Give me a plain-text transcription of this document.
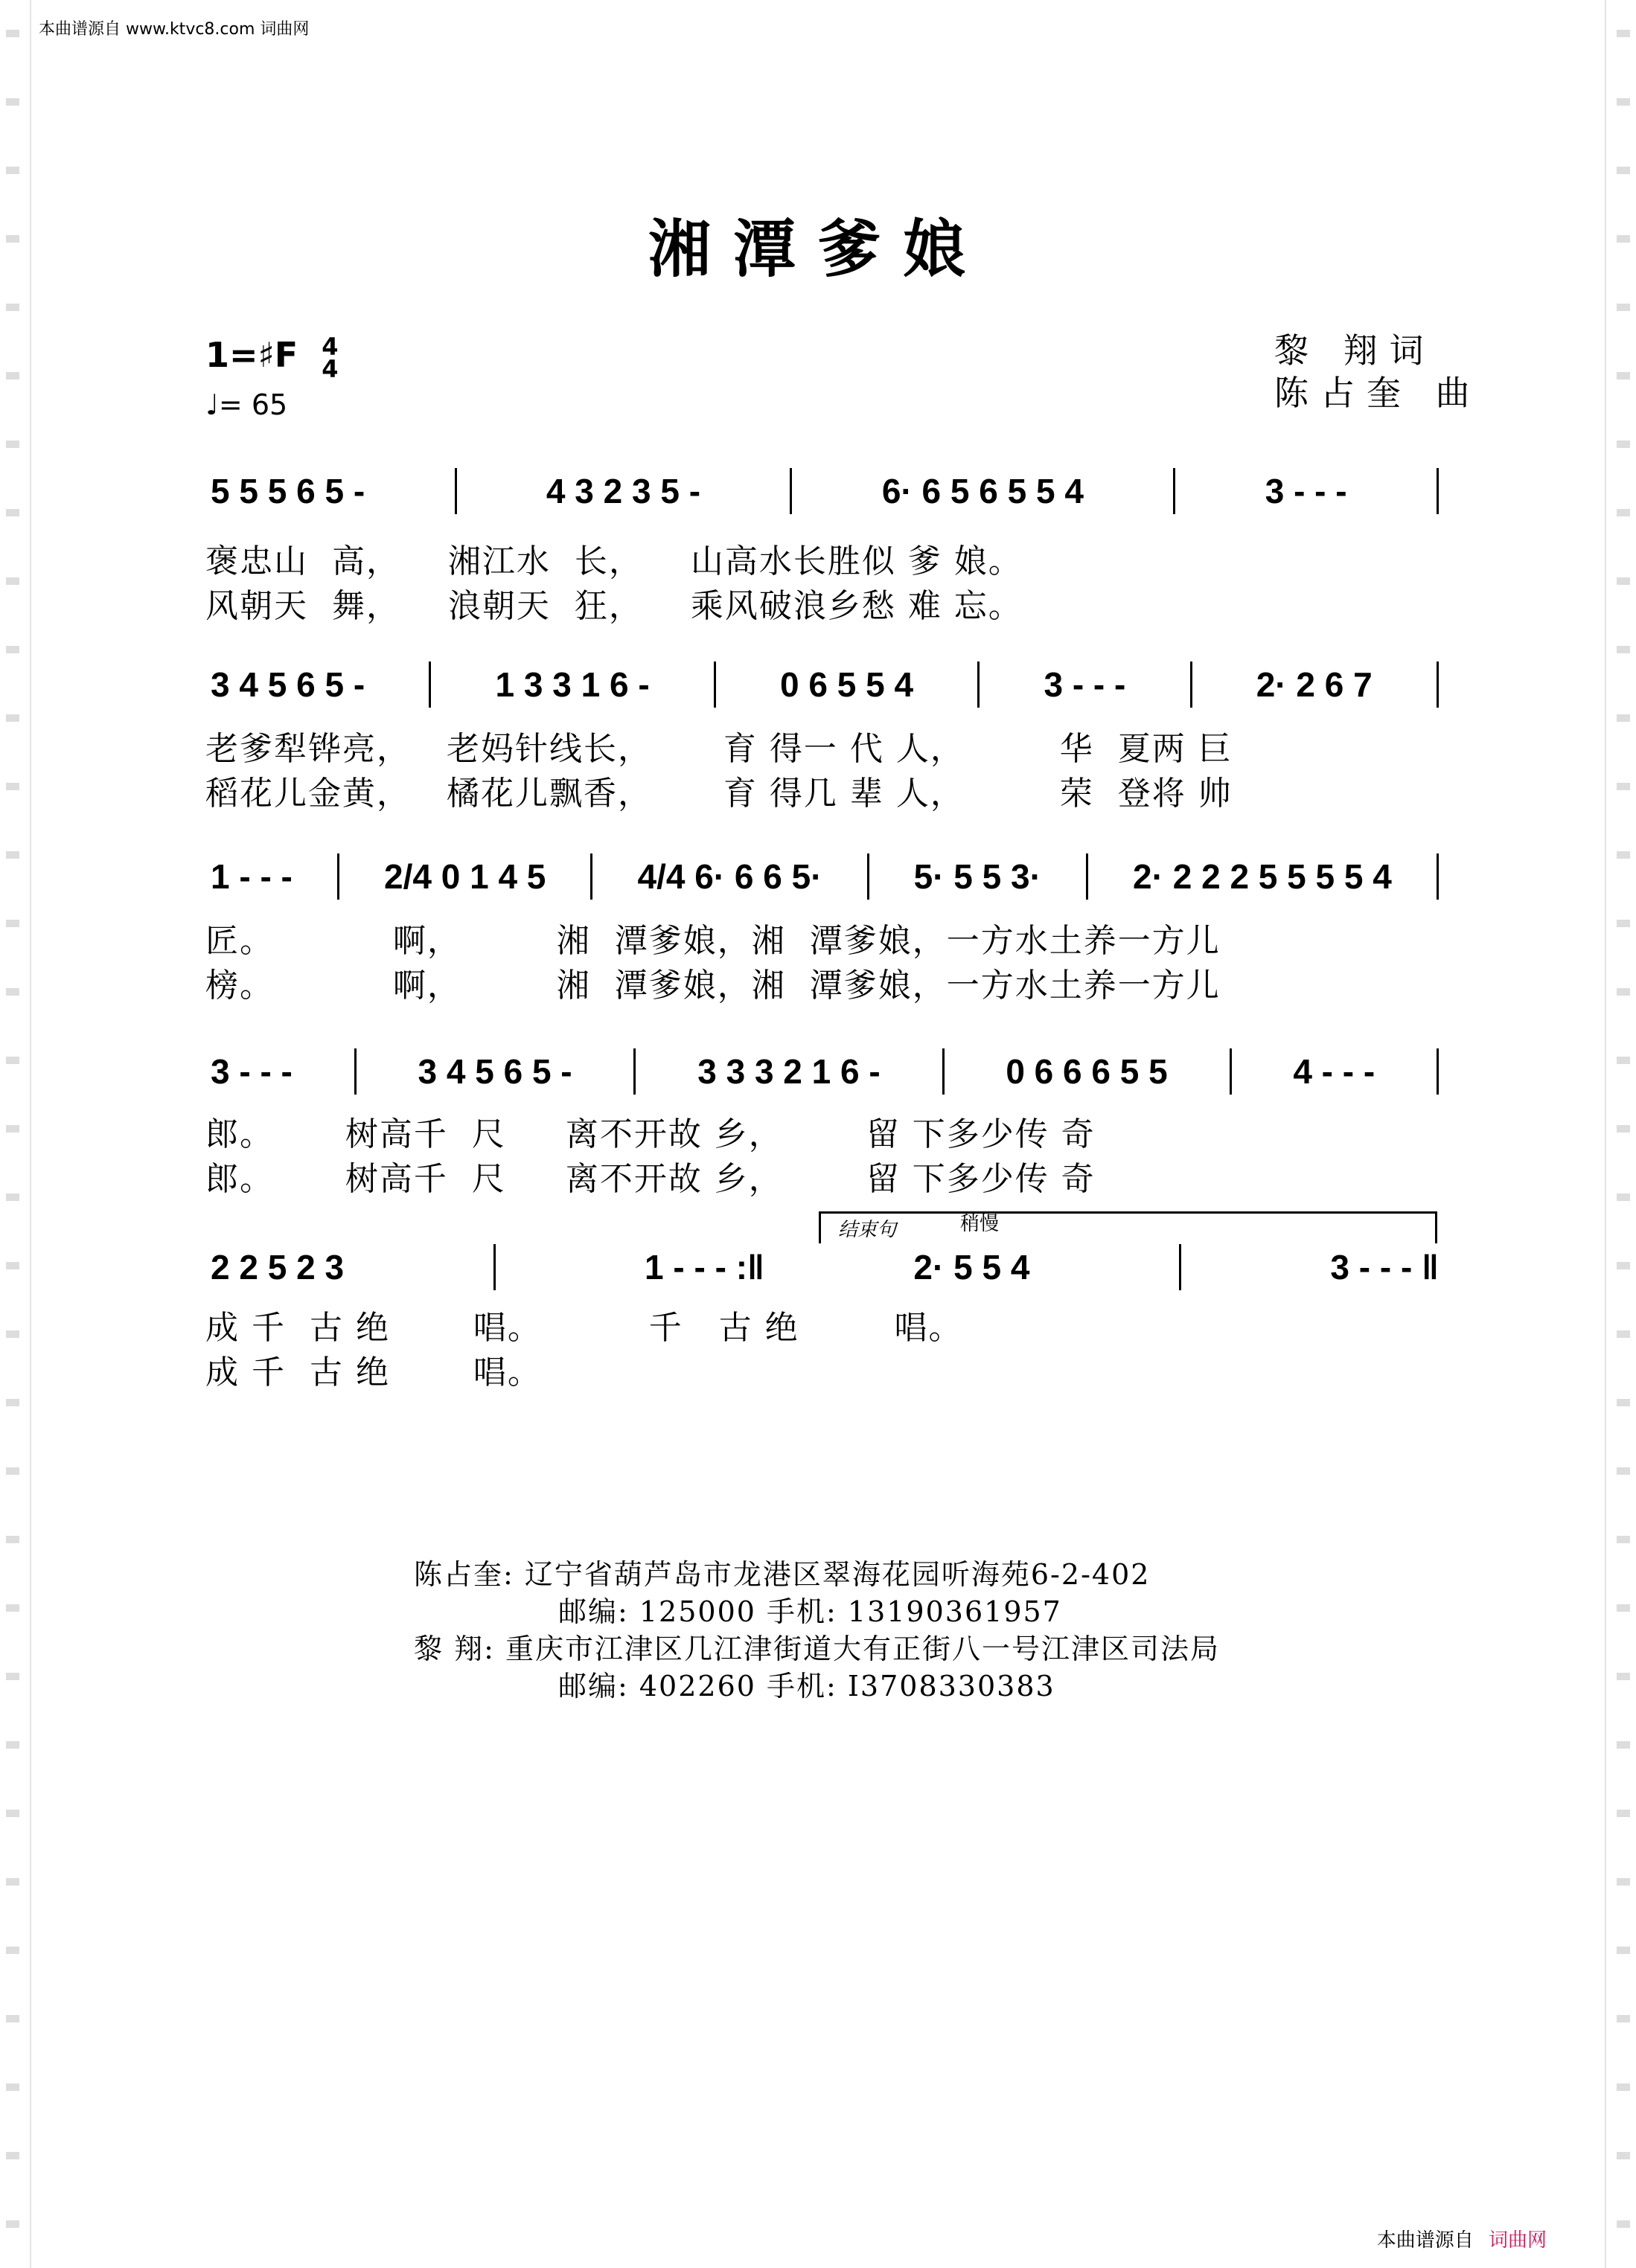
本曲谱源自 www.ktvc8.com 词曲网
湘潭爹娘
1=♯F 4
4
♩= 65
黎 翔词
陈占奎 曲
5 5 5 6 5 -	4 3 2 3 5 -	6· 6 5 6 5 5 4	3 - - -
褒忠山  高，    湘江水  长，    山高水长胜似 爹 娘。
风朝天  舞，    浪朝天  狂，    乘风破浪乡愁 难 忘。
3 4 5 6 5 -	1 3 3 1 6 -	0 6 5 5 4	3 - - -	2· 2 6 7
老爹犁铧亮，   老妈针线长，      育 得一 代 人，        华  夏两 巨
稻花儿金黄，   橘花儿飘香，      育 得几 辈 人，        荣  登将 帅
1 - - -	2/4 0 1 4 5	4/4 6· 6 6 5·	5· 5 5 3·	2· 2 2 2 5 5 5 5 4
匠。          啊，        湘  潭爹娘，湘  潭爹娘，一方水土养一方儿
榜。          啊，        湘  潭爹娘，湘  潭爹娘，一方水土养一方儿
3 - - -	3 4 5 6 5 -	3 3 3 2 1 6 -	0 6 6 6 5 5	4 - - -
郎。      树高千  尺     离不开故 乡，       留 下多少传 奇
郎。      树高千  尺     离不开故 乡，       留 下多少传 奇
结束句	稍慢
2 2 5 2 3	1 - - - :‖	2· 5 5 4	3 - - - ‖
成 千  古 绝       唱。         千   古 绝        唱。
成 千  古 绝       唱。
陈占奎: 辽宁省葫芦岛市龙港区翠海花园听海苑6-2-402
邮编: 125000 手机: 13190361957
黎 翔: 重庆市江津区几江津街道大有正街八一号江津区司法局
邮编: 402260 手机: I3708330383
本曲谱源自 词曲网
